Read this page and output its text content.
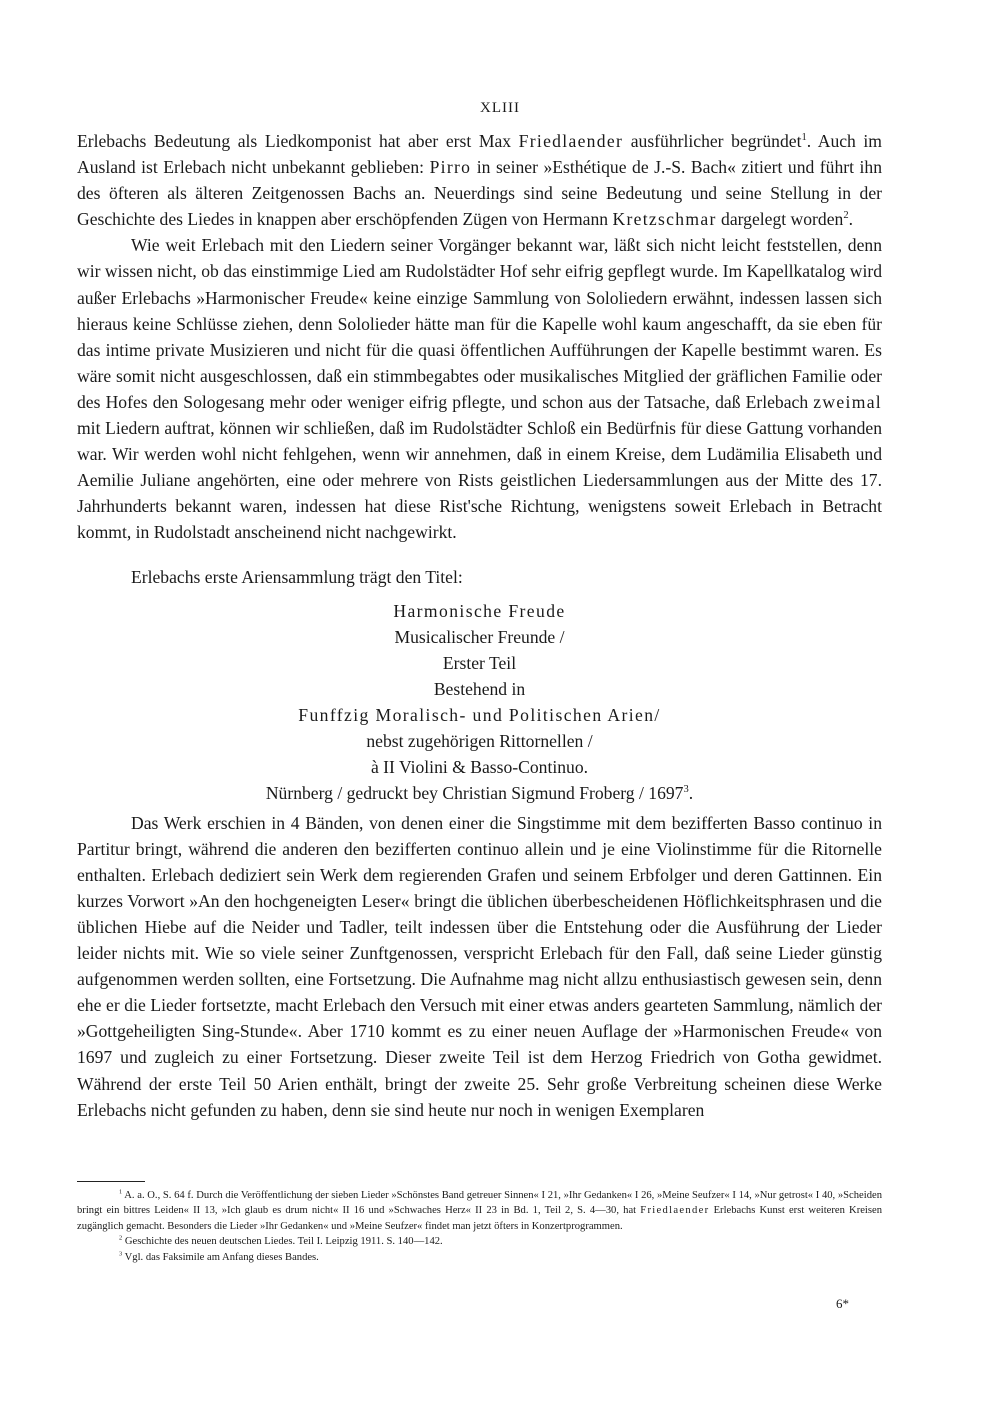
XLIII

Erlebachs Bedeutung als Liedkomponist hat aber erst Max Friedlaender ausführlicher begründet$^1$. Auch im Ausland ist Erlebach nicht unbekannt geblieben: Pirro in seiner »Esthétique de J.-S. Bach« zitiert und führt ihn des öfteren als älteren Zeitgenossen Bachs an. Neuerdings sind seine Bedeutung und seine Stellung in der Geschichte des Liedes in knappen aber erschöpfenden Zügen von Hermann Kretzschmar dargelegt worden$^2$.

Wie weit Erlebach mit den Liedern seiner Vorgänger bekannt war, läßt sich nicht leicht feststellen, denn wir wissen nicht, ob das einstimmige Lied am Rudolstädter Hof sehr eifrig gepflegt wurde. Im Kapellkatalog wird außer Erlebachs »Harmonischer Freude« keine einzige Sammlung von Sololiedern erwähnt, indessen lassen sich hieraus keine Schlüsse ziehen, denn Sololieder hätte man für die Kapelle wohl kaum angeschafft, da sie eben für das intime private Musizieren und nicht für die quasi öffentlichen Aufführungen der Kapelle bestimmt waren. Es wäre somit nicht ausgeschlossen, daß ein stimmbegabtes oder musikalisches Mitglied der gräflichen Familie oder des Hofes den Sologesang mehr oder weniger eifrig pflegte, und schon aus der Tatsache, daß Erlebach zweimal mit Liedern auftrat, können wir schließen, daß im Rudolstädter Schloß ein Bedürfnis für diese Gattung vorhanden war. Wir werden wohl nicht fehlgehen, wenn wir annehmen, daß in einem Kreise, dem Ludämilia Elisabeth und Aemilie Juliane angehörten, eine oder mehrere von Rists geistlichen Liedersammlungen aus der Mitte des 17. Jahrhunderts bekannt waren, indessen hat diese Rist'sche Richtung, wenigstens soweit Erlebach in Betracht kommt, in Rudolstadt anscheinend nicht nachgewirkt.

Erlebachs erste Ariensammlung trägt den Titel:

Harmonische Freude
Musicalischer Freunde /
Erster Teil
Bestehend in
Funffzig Moralisch- und Politischen Arien/
nebst zugehörigen Rittornellen /
à II Violini & Basso-Continuo.
Nürnberg / gedruckt bey Christian Sigmund Froberg / 1697$^3$.

Das Werk erschien in 4 Bänden, von denen einer die Singstimme mit dem bezifferten Basso continuo in Partitur bringt, während die anderen den bezifferten continuo allein und je eine Violinstimme für die Ritornelle enthalten. Erlebach dediziert sein Werk dem regierenden Grafen und seinem Erbfolger und deren Gattinnen. Ein kurzes Vorwort »An den hochgeneigten Leser« bringt die üblichen überbescheidenen Höflichkeitsphrasen und die üblichen Hiebe auf die Neider und Tadler, teilt indessen über die Entstehung oder die Ausführung der Lieder leider nichts mit. Wie so viele seiner Zunftgenossen, verspricht Erlebach für den Fall, daß seine Lieder günstig aufgenommen werden sollten, eine Fortsetzung. Die Aufnahme mag nicht allzu enthusiastisch gewesen sein, denn ehe er die Lieder fortsetzte, macht Erlebach den Versuch mit einer etwas anders gearteten Sammlung, nämlich der »Gottgeheiligten Sing-Stunde«. Aber 1710 kommt es zu einer neuen Auflage der »Harmonischen Freude« von 1697 und zugleich zu einer Fortsetzung. Dieser zweite Teil ist dem Herzog Friedrich von Gotha gewidmet. Während der erste Teil 50 Arien enthält, bringt der zweite 25. Sehr große Verbreitung scheinen diese Werke Erlebachs nicht gefunden zu haben, denn sie sind heute nur noch in wenigen Exemplaren

$^1$ A. a. O., S. 64 f. Durch die Veröffentlichung der sieben Lieder »Schönstes Band getreuer Sinnen« I 21, »Ihr Gedanken« I 26, »Meine Seufzer« I 14, »Nur getrost« I 40, »Scheiden bringt ein bittres Leiden« II 13, »Ich glaub es drum nicht« II 16 und »Schwaches Herz« II 23 in Bd. 1, Teil 2, S. 4—30, hat Friedlaender Erlebachs Kunst erst weiteren Kreisen zugänglich gemacht. Besonders die Lieder »Ihr Gedanken« und »Meine Seufzer« findet man jetzt öfters in Konzertprogrammen.

$^2$ Geschichte des neuen deutschen Liedes. Teil I. Leipzig 1911. S. 140—142.

$^3$ Vgl. das Faksimile am Anfang dieses Bandes.

6*
